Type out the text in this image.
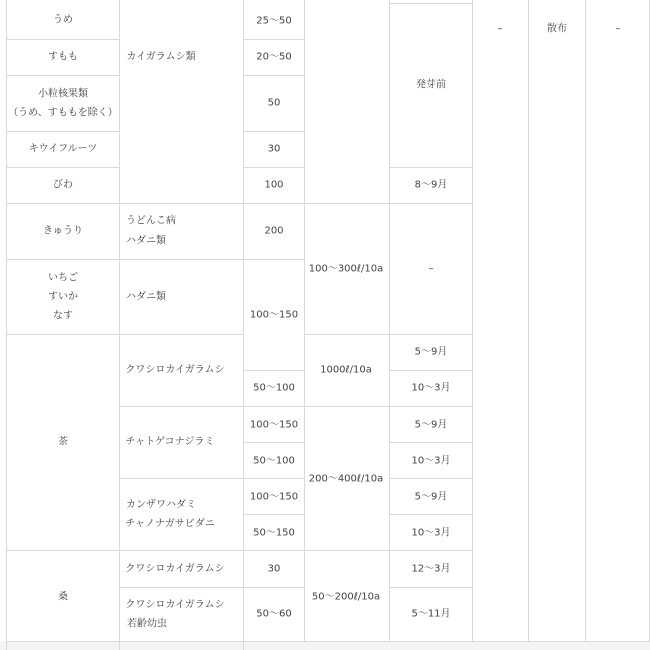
うめ
すもも
小粒核果類
（うめ、すももを除く）
キウイフルーツ
びわ
きゅうり
いちご
すいか
なす
茶
桑
カイガラムシ類
うどんこ病
ハダニ類
ハダニ類
クワシロカイガラムシ
チャトゲコナジラミ
カンザワハダミ
チャノナガサビダニ
クワシロカイガラムシ
クワシロカイガラムシ
若齢幼虫
25〜50
20〜50
50
30
100
200
100〜150
50〜100
100〜150
50〜100
100〜150
50〜150
30
50〜60
100〜300ℓ/10a
1000ℓ/10a
200〜400ℓ/10a
50〜200ℓ/10a
発芽前
8〜9月
–
5〜9月
10〜3月
5〜9月
10〜3月
5〜9月
10〜3月
12〜3月
5〜11月
–	散布	–
